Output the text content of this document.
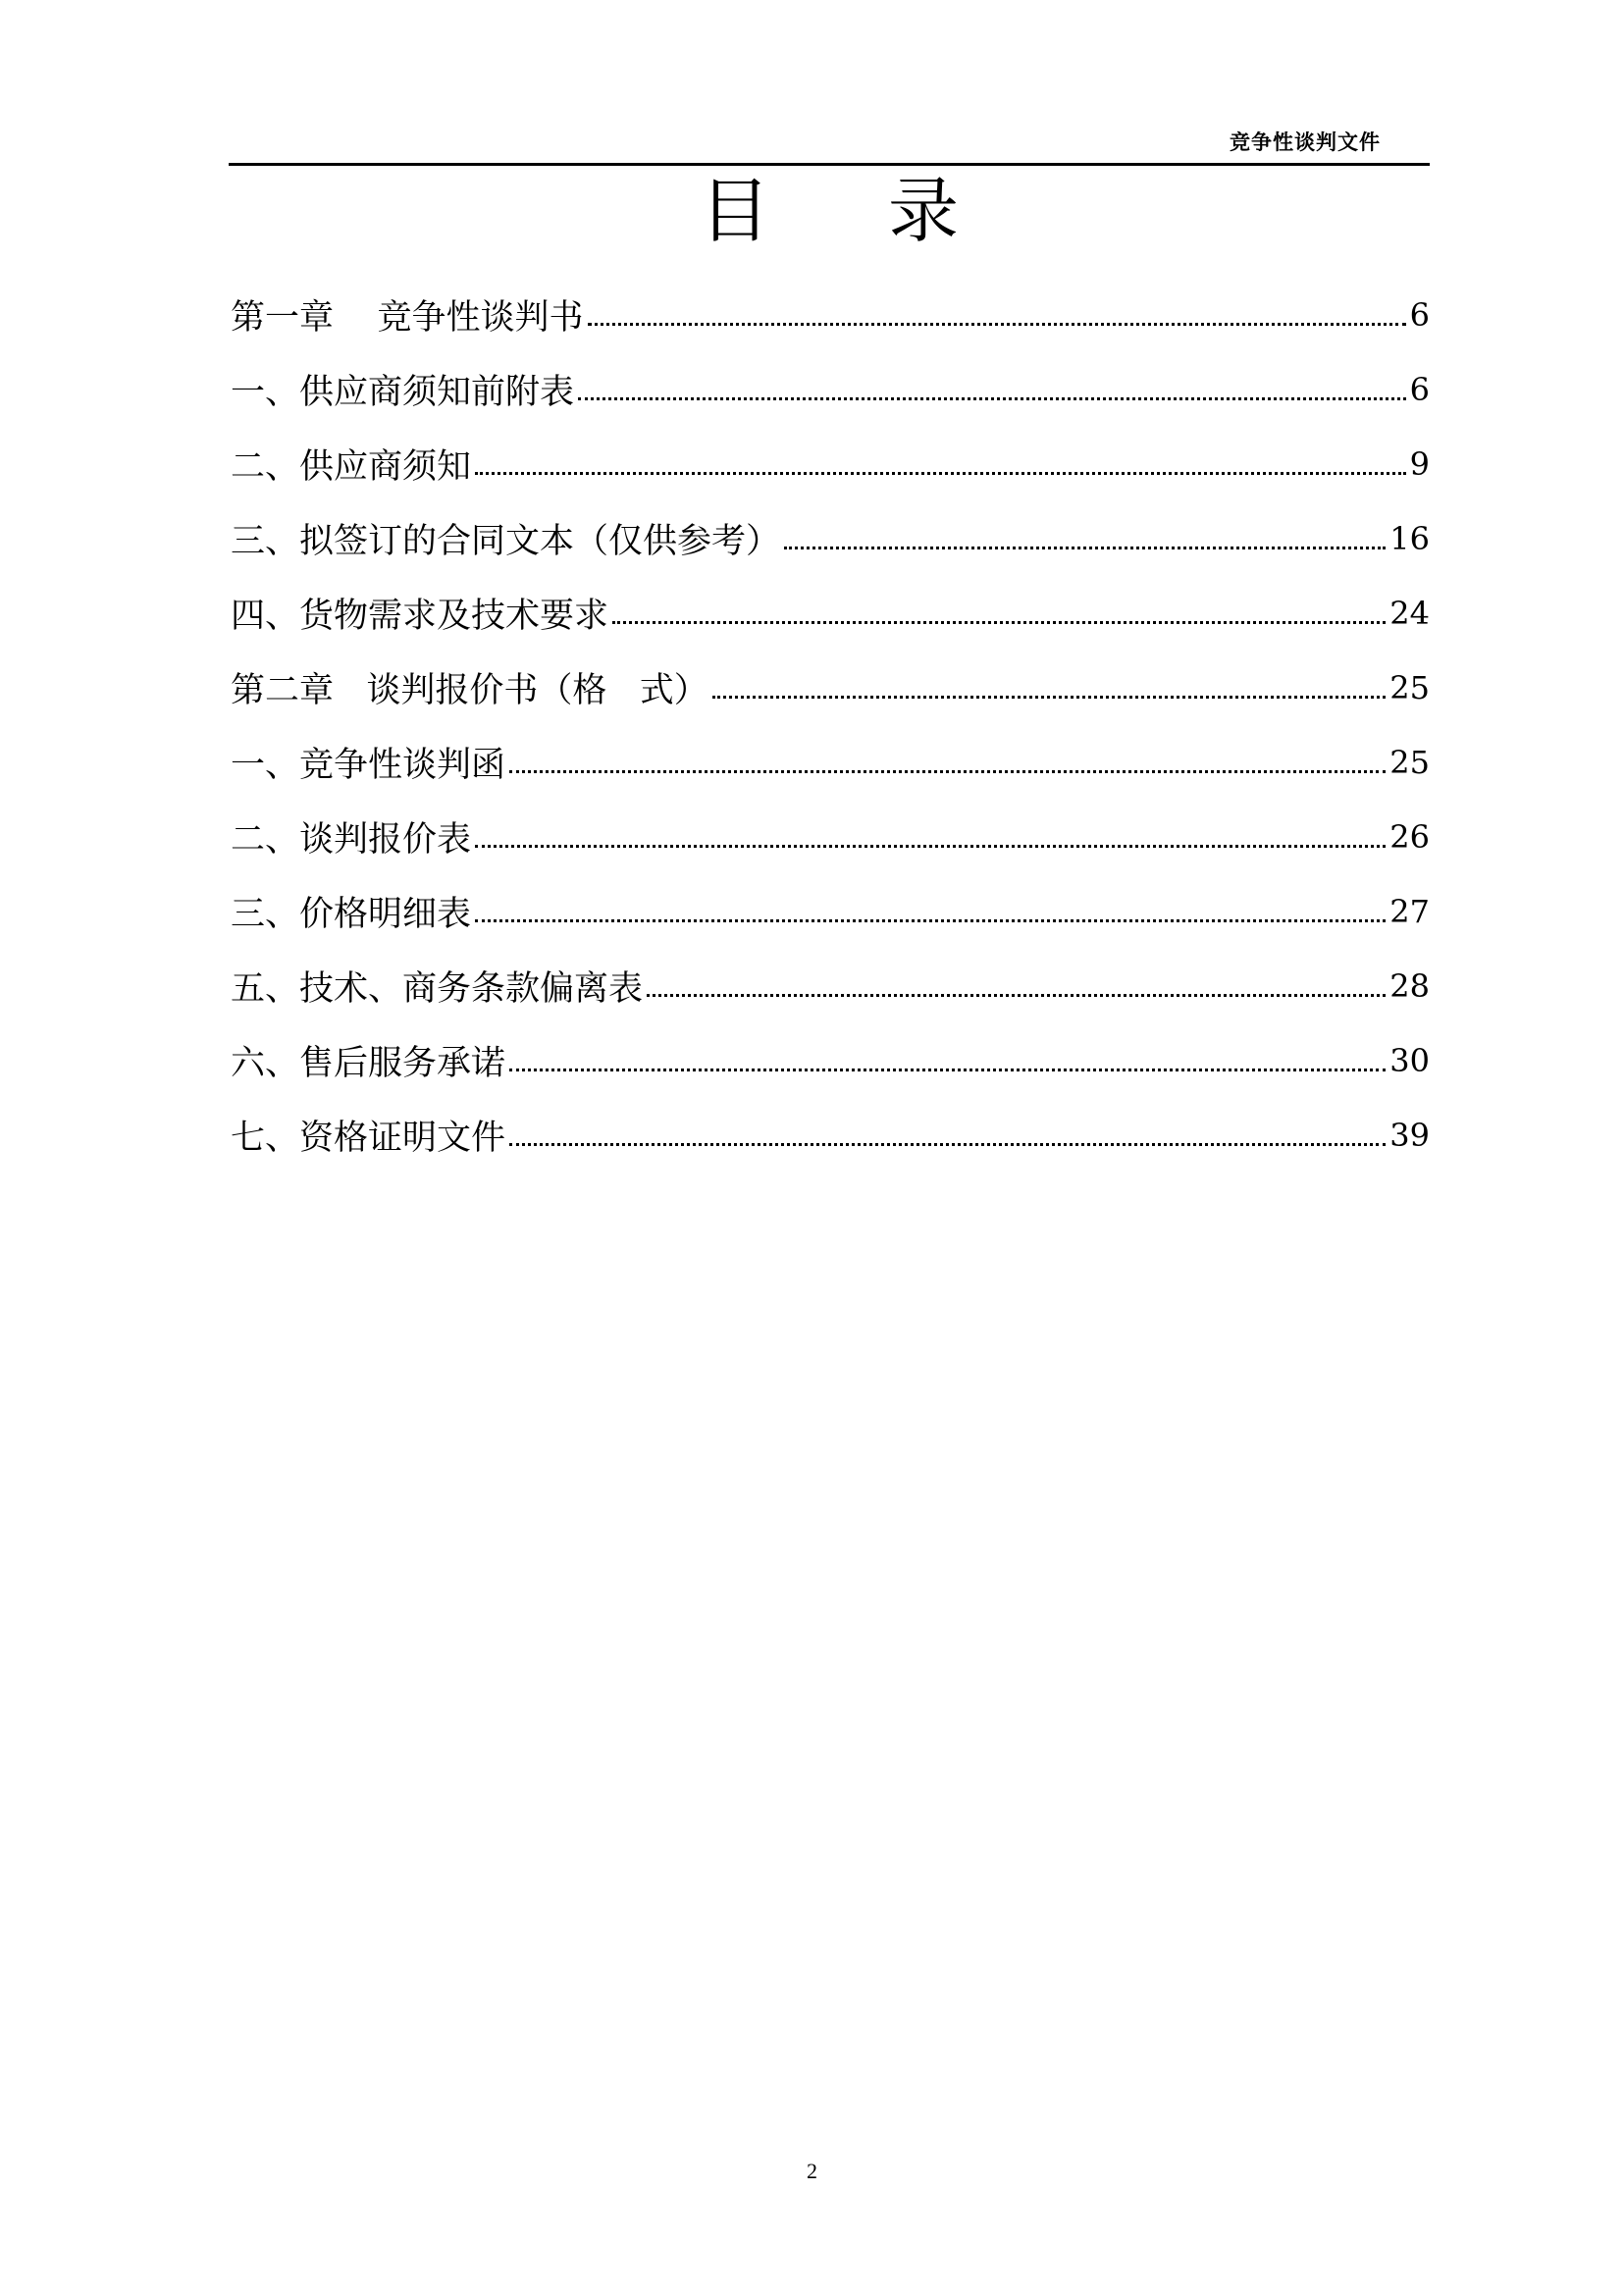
竞争性谈判文件
目 录
第一章    竞争性谈判书	6
一、供应商须知前附表	6
二、供应商须知	9
三、拟签订的合同文本（仅供参考）	16
四、货物需求及技术要求	24
第二章   谈判报价书（格   式）	25
一、竞争性谈判函	25
二、谈判报价表	26
三、价格明细表	27
五、技术、商务条款偏离表	28
六、售后服务承诺	30
七、资格证明文件	39
2
